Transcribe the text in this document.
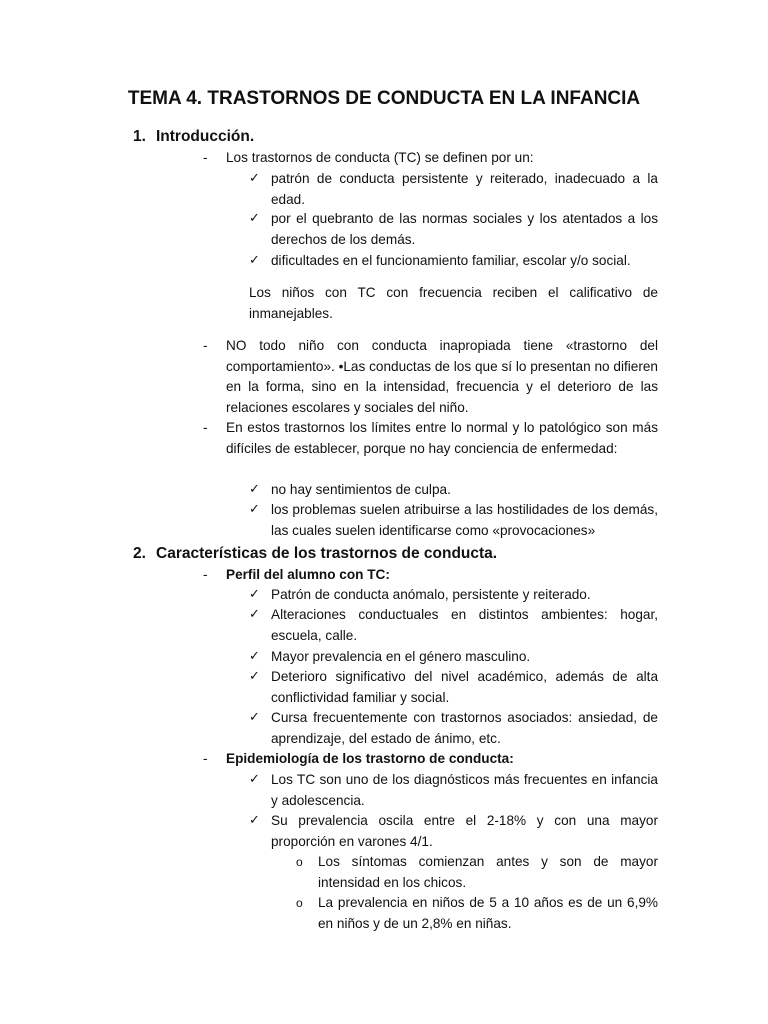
TEMA 4. TRASTORNOS DE CONDUCTA EN LA INFANCIA
1. Introducción.
- Los trastornos de conducta (TC) se definen por un:
✓ patrón de conducta persistente y reiterado, inadecuado a la edad.
✓ por el quebranto de las normas sociales y los atentados a los derechos de los demás.
✓ dificultades en el funcionamiento familiar, escolar y/o social.
Los niños con TC con frecuencia reciben el calificativo de inmanejables.
- NO todo niño con conducta inapropiada tiene «trastorno del comportamiento». •Las conductas de los que sí lo presentan no difieren en la forma, sino en la intensidad, frecuencia y el deterioro de las relaciones escolares y sociales del niño.
- En estos trastornos los límites entre lo normal y lo patológico son más difíciles de establecer, porque no hay conciencia de enfermedad:
✓ no hay sentimientos de culpa.
✓ los problemas suelen atribuirse a las hostilidades de los demás, las cuales suelen identificarse como «provocaciones»
2. Características de los trastornos de conducta.
- Perfil del alumno con TC:
✓ Patrón de conducta anómalo, persistente y reiterado.
✓ Alteraciones conductuales en distintos ambientes: hogar, escuela, calle.
✓ Mayor prevalencia en el género masculino.
✓ Deterioro significativo del nivel académico, además de alta conflictividad familiar y social.
✓ Cursa frecuentemente con trastornos asociados: ansiedad, de aprendizaje, del estado de ánimo, etc.
- Epidemiología de los trastorno de conducta:
✓ Los TC son uno de los diagnósticos más frecuentes en infancia y adolescencia.
✓ Su prevalencia oscila entre el 2-18% y con una mayor proporción en varones 4/1.
o Los síntomas comienzan antes y son de mayor intensidad en los chicos.
o La prevalencia en niños de 5 a 10 años es de un 6,9% en niños y de un 2,8% en niñas.
